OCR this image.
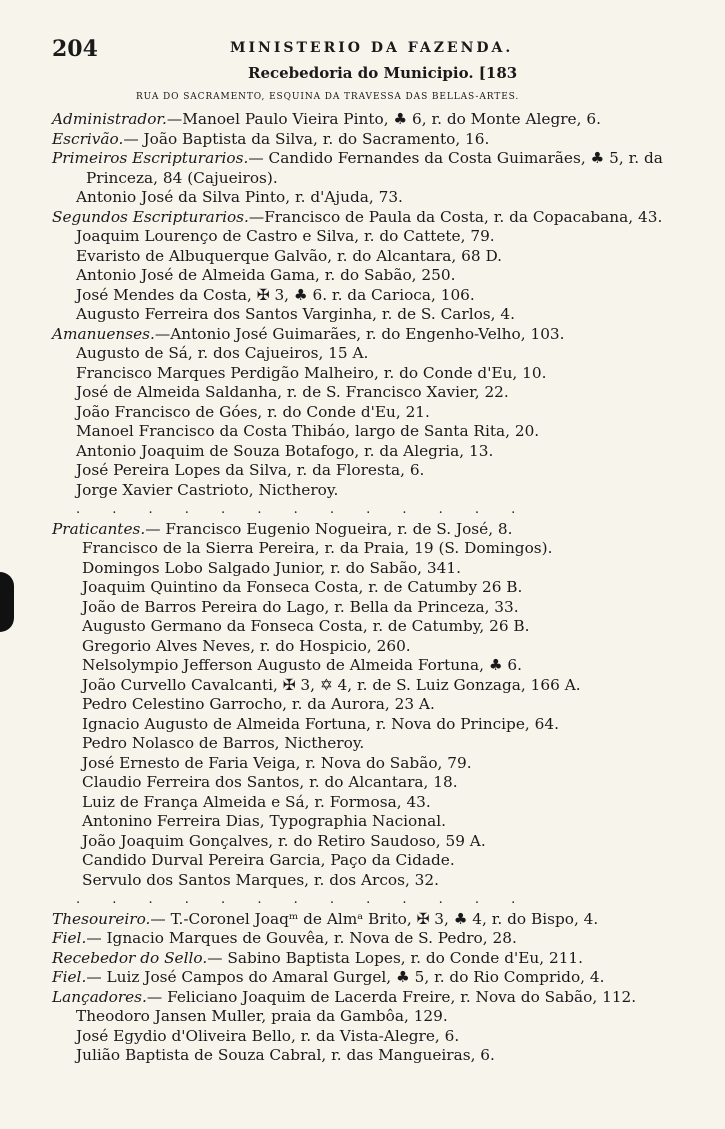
204	MINISTERIO DA FAZENDA.
Recebedoria do Municipio. [183
RUA DO SACRAMENTO, ESQUINA DA TRAVESSA DAS BELLAS-ARTES.
Administrador.—Manoel Paulo Vieira Pinto, ♣ 6, r. do Monte Alegre, 6.
Escrivão.— João Baptista da Silva, r. do Sacramento, 16.
Primeiros Escripturarios.— Candido Fernandes da Costa Guimarães, ♣ 5, r. da
Princeza, 84 (Cajueiros).
Antonio José da Silva Pinto, r. d'Ajuda, 73.
Segundos Escripturarios.—Francisco de Paula da Costa, r. da Copacabana, 43.
Joaquim Lourenço de Castro e Silva, r. do Cattete, 79.
Evaristo de Albuquerque Galvão, r. do Alcantara, 68 D.
Antonio José de Almeida Gama, r. do Sabão, 250.
José Mendes da Costa, ✠ 3, ♣ 6. r. da Carioca, 106.
Augusto Ferreira dos Santos Varginha, r. de S. Carlos, 4.
Amanuenses.—Antonio José Guimarães, r. do Engenho-Velho, 103.
Augusto de Sá, r. dos Cajueiros, 15 A.
Francisco Marques Perdigão Malheiro, r. do Conde d'Eu, 10.
José de Almeida Saldanha, r. de S. Francisco Xavier, 22.
João Francisco de Góes, r. do Conde d'Eu, 21.
Manoel Francisco da Costa Thibáo, largo de Santa Rita, 20.
Antonio Joaquim de Souza Botafogo, r. da Alegria, 13.
José Pereira Lopes da Silva, r. da Floresta, 6.
Jorge Xavier Castrioto, Nictheroy.
. . . . . . . . . . . . .
Praticantes.— Francisco Eugenio Nogueira, r. de S. José, 8.
Francisco de la Sierra Pereira, r. da Praia, 19 (S. Domingos).
Domingos Lobo Salgado Junior, r. do Sabão, 341.
Joaquim Quintino da Fonseca Costa, r. de Catumby 26 B.
João de Barros Pereira do Lago, r. Bella da Princeza, 33.
Augusto Germano da Fonseca Costa, r. de Catumby, 26 B.
Gregorio Alves Neves, r. do Hospicio, 260.
Nelsolympio Jefferson Augusto de Almeida Fortuna, ♣ 6.
João Curvello Cavalcanti, ✠ 3, ✡ 4, r. de S. Luiz Gonzaga, 166 A.
Pedro Celestino Garrocho, r. da Aurora, 23 A.
Ignacio Augusto de Almeida Fortuna, r. Nova do Principe, 64.
Pedro Nolasco de Barros, Nictheroy.
José Ernesto de Faria Veiga, r. Nova do Sabão, 79.
Claudio Ferreira dos Santos, r. do Alcantara, 18.
Luiz de França Almeida e Sá, r. Formosa, 43.
Antonino Ferreira Dias, Typographia Nacional.
João Joaquim Gonçalves, r. do Retiro Saudoso, 59 A.
Candido Durval Pereira Garcia, Paço da Cidade.
Servulo dos Santos Marques, r. dos Arcos, 32.
. . . . . . . . . . . . .
Thesoureiro.— T.-Coronel Joaqᵐ de Almᵃ Brito, ✠ 3, ♣ 4, r. do Bispo, 4.
Fiel.— Ignacio Marques de Gouvêa, r. Nova de S. Pedro, 28.
Recebedor do Sello.— Sabino Baptista Lopes, r. do Conde d'Eu, 211.
Fiel.— Luiz José Campos do Amaral Gurgel, ♣ 5, r. do Rio Comprido, 4.
Lançadores.— Feliciano Joaquim de Lacerda Freire, r. Nova do Sabão, 112.
Theodoro Jansen Muller, praia da Gambôa, 129.
José Egydio d'Oliveira Bello, r. da Vista-Alegre, 6.
Julião Baptista de Souza Cabral, r. das Mangueiras, 6.
